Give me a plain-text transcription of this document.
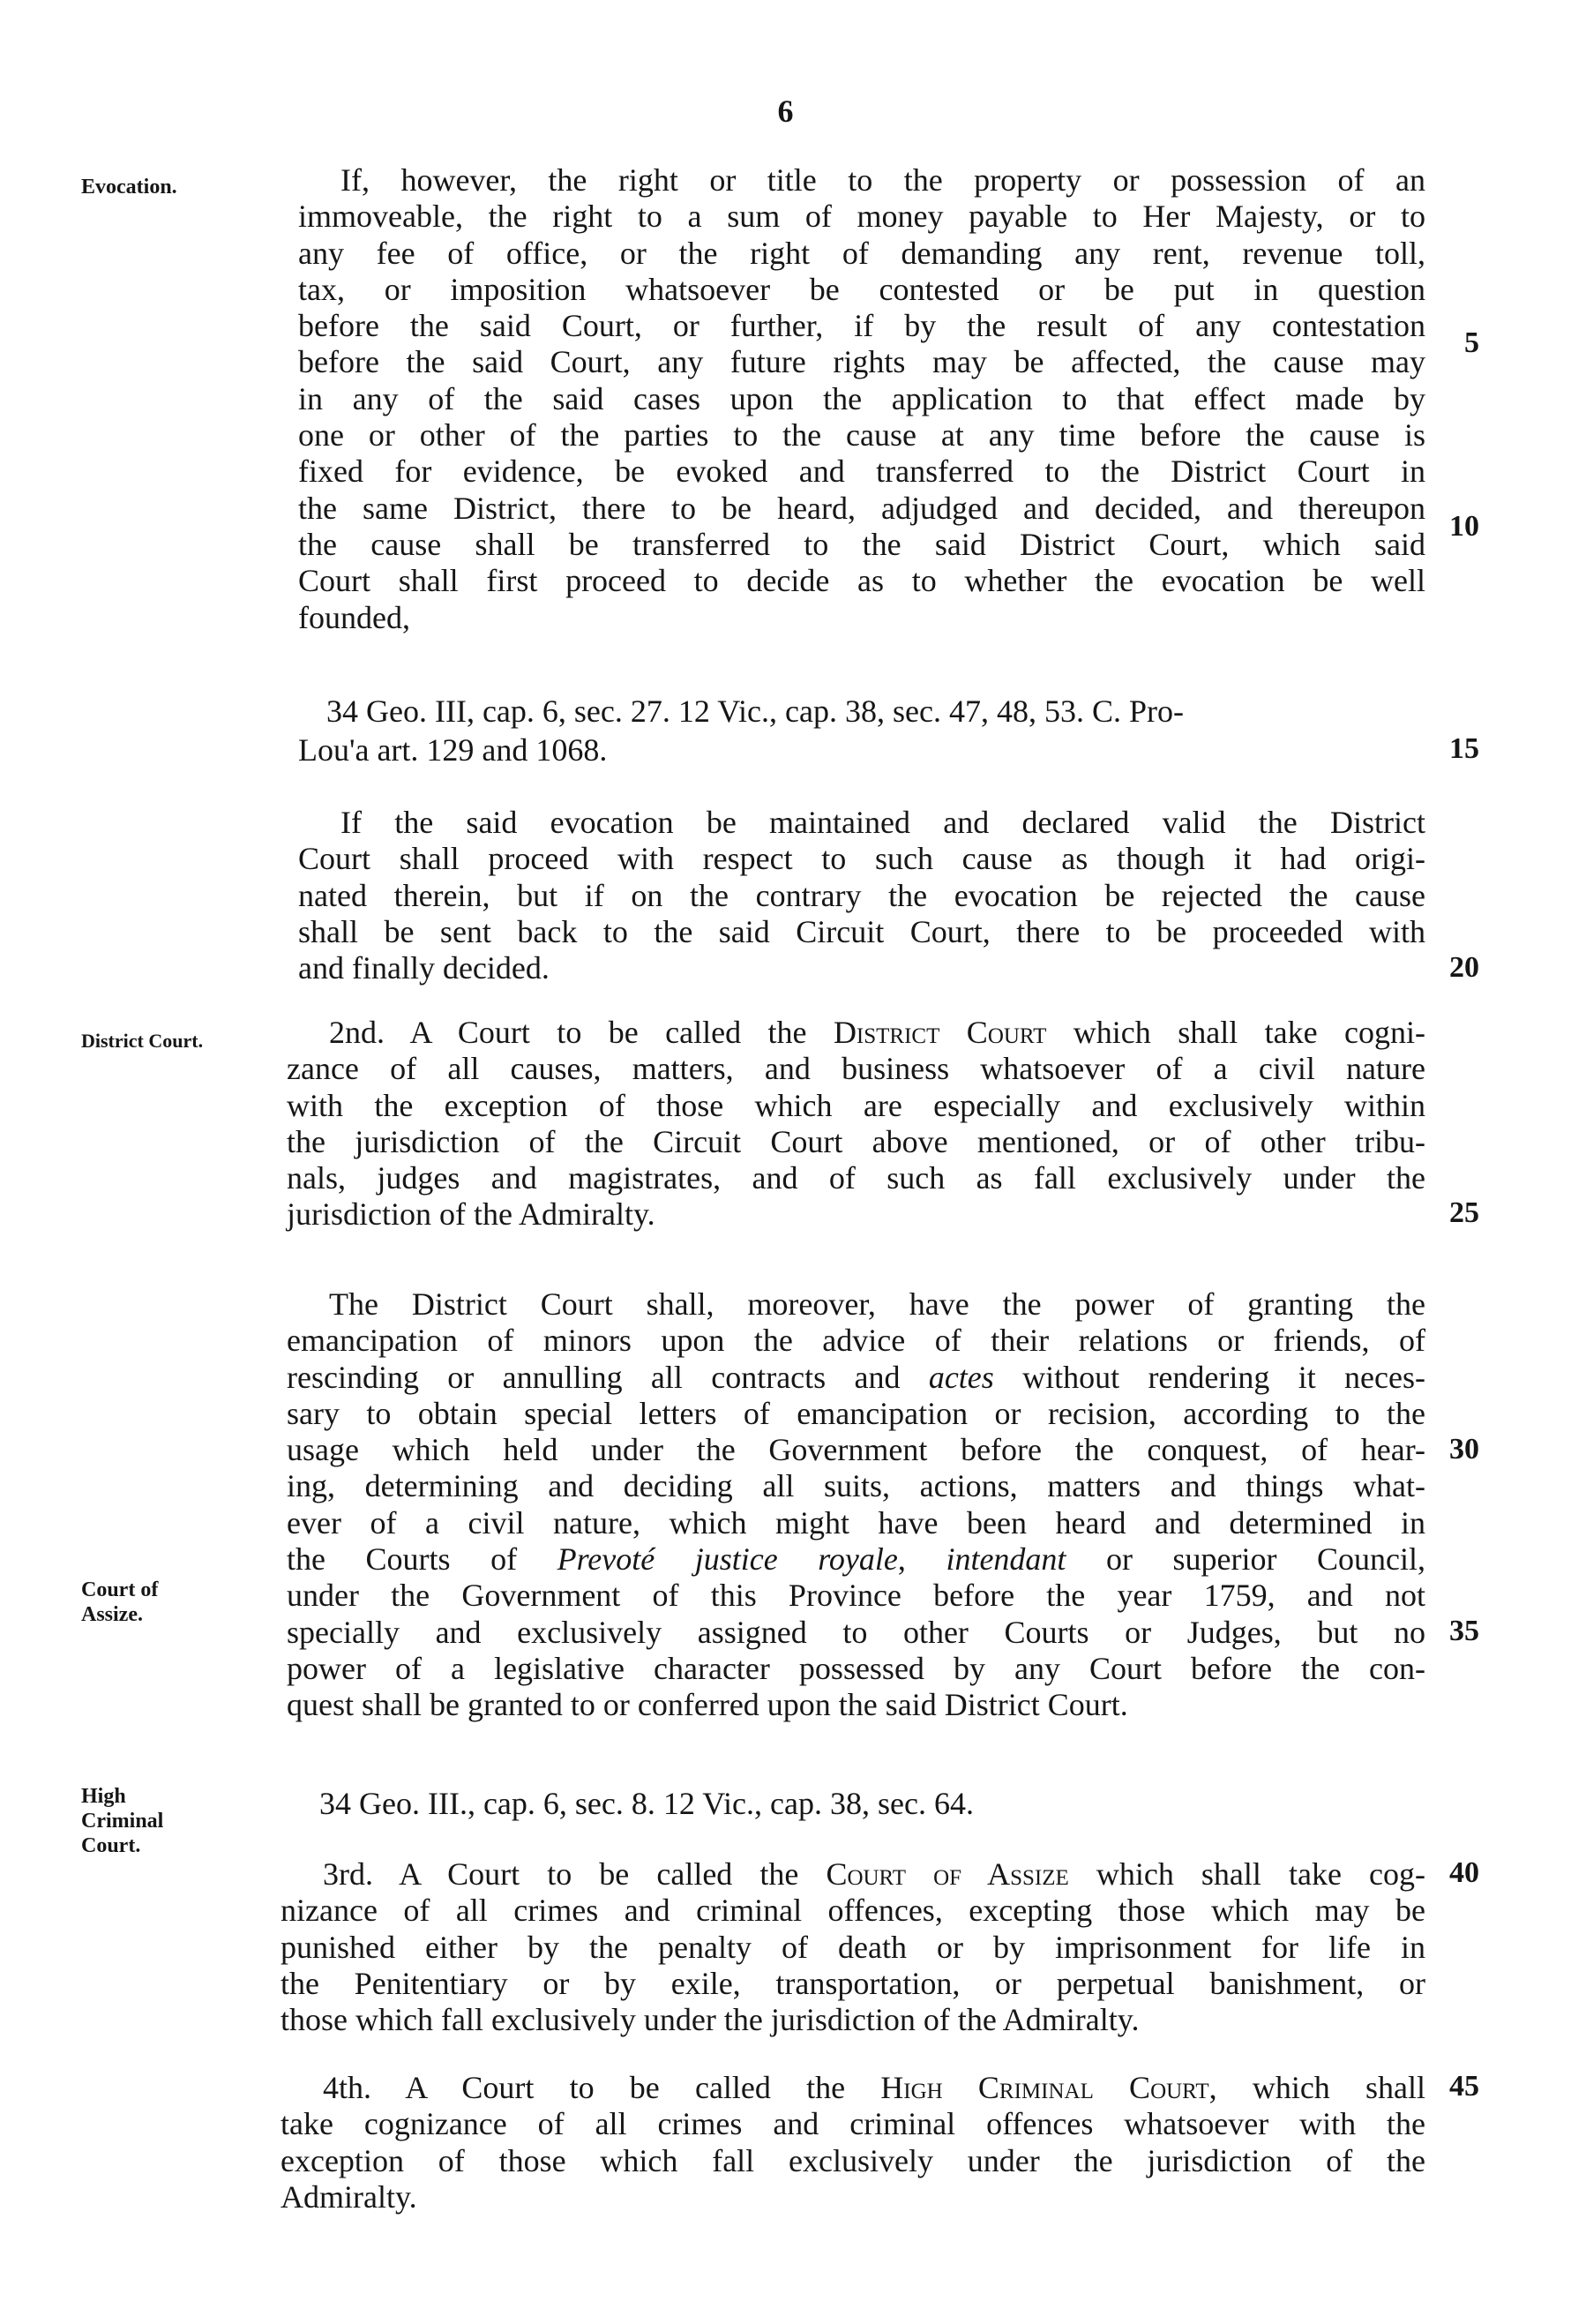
6
Evocation.
District Court.
Court of
Assize.
High
Criminal
Court.
If, however, the right or title to the property or possession of an
immoveable, the right to a sum of money payable to Her Majesty, or to
any fee of office, or the right of demanding any rent, revenue toll,
tax, or imposition whatsoever be contested or be put in question
before the said Court, or further, if by the result of any contestation
before the said Court, any future rights may be affected, the cause may
in any of the said cases upon the application to that effect made by
one or other of the parties to the cause at any time before the cause is
fixed for evidence, be evoked and transferred to the District Court in
the same District, there to be heard, adjudged and decided, and thereupon
the cause shall be transferred to the said District Court, which said
Court shall first proceed to decide as to whether the evocation be well
founded,
34 Geo. III, cap. 6, sec. 27. 12 Vic., cap. 38, sec. 47, 48, 53. C. Pro-
Lou'a art. 129 and 1068.
If the said evocation be maintained and declared valid the District
Court shall proceed with respect to such cause as though it had origi-
nated therein, but if on the contrary the evocation be rejected the cause
shall be sent back to the said Circuit Court, there to be proceeded with
and finally decided.
2nd. A Court to be called the District Court which shall take cogni-
zance of all causes, matters, and business whatsoever of a civil nature
with the exception of those which are especially and exclusively within
the jurisdiction of the Circuit Court above mentioned, or of other tribu-
nals, judges and magistrates, and of such as fall exclusively under the
jurisdiction of the Admiralty.
The District Court shall, moreover, have the power of granting the
emancipation of minors upon the advice of their relations or friends, of
rescinding or annulling all contracts and actes without rendering it neces-
sary to obtain special letters of emancipation or recision, according to the
usage which held under the Government before the conquest, of hear-
ing, determining and deciding all suits, actions, matters and things what-
ever of a civil nature, which might have been heard and determined in
the Courts of Prevoté justice royale, intendant or superior Council,
under the Government of this Province before the year 1759, and not
specially and exclusively assigned to other Courts or Judges, but no
power of a legislative character possessed by any Court before the con-
quest shall be granted to or conferred upon the said District Court.
34 Geo. III., cap. 6, sec. 8. 12 Vic., cap. 38, sec. 64.
3rd. A Court to be called the Court of Assize which shall take cog-
nizance of all crimes and criminal offences, excepting those which may be
punished either by the penalty of death or by imprisonment for life in
the Penitentiary or by exile, transportation, or perpetual banishment, or
those which fall exclusively under the jurisdiction of the Admiralty.
4th. A Court to be called the High Criminal Court, which shall
take cognizance of all crimes and criminal offences whatsoever with the
exception of those which fall exclusively under the jurisdiction of the
Admiralty.
5
10
15
20
25
30
35
40
45
